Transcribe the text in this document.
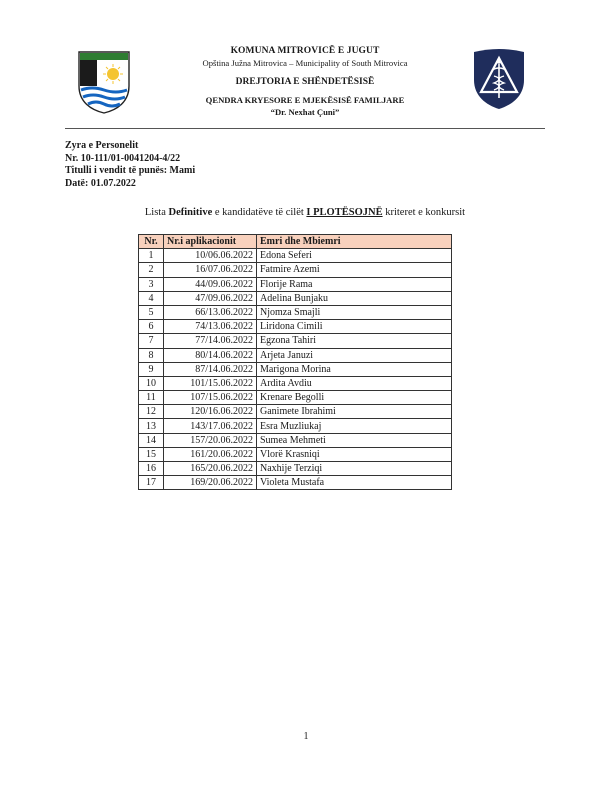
KOMUNA MITROVICË E JUGUT
Opština Južna Mitrovica – Municipality of South Mitrovica
DREJTORIA E SHËNDETËSISË
QENDRA KRYESORE E MJEKËSISË FAMILJARE
“Dr. Nexhat Çuni”
Zyra e Personelit
Nr. 10-111/01-0041204-4/22
Titulli i vendit të punës: Mami
Datë: 01.07.2022
Lista Definitive e kandidatëve të cilët I PLOTËSOJNË kriteret e konkursit
Nr.	Nr.i aplikacionit	Emri dhe Mbiemri
1	10/06.06.2022	Edona Seferi
2	16/07.06.2022	Fatmire Azemi
3	44/09.06.2022	Florije Rama
4	47/09.06.2022	Adelina Bunjaku
5	66/13.06.2022	Njomza Smajli
6	74/13.06.2022	Liridona Cimili
7	77/14.06.2022	Egzona Tahiri
8	80/14.06.2022	Arjeta Januzi
9	87/14.06.2022	Marigona Morina
10	101/15.06.2022	Ardita Avdiu
11	107/15.06.2022	Krenare Begolli
12	120/16.06.2022	Ganimete Ibrahimi
13	143/17.06.2022	Esra Muzliukaj
14	157/20.06.2022	Sumea Mehmeti
15	161/20.06.2022	Vlorë Krasniqi
16	165/20.06.2022	Naxhije Terziqi
17	169/20.06.2022	Violeta Mustafa
1
